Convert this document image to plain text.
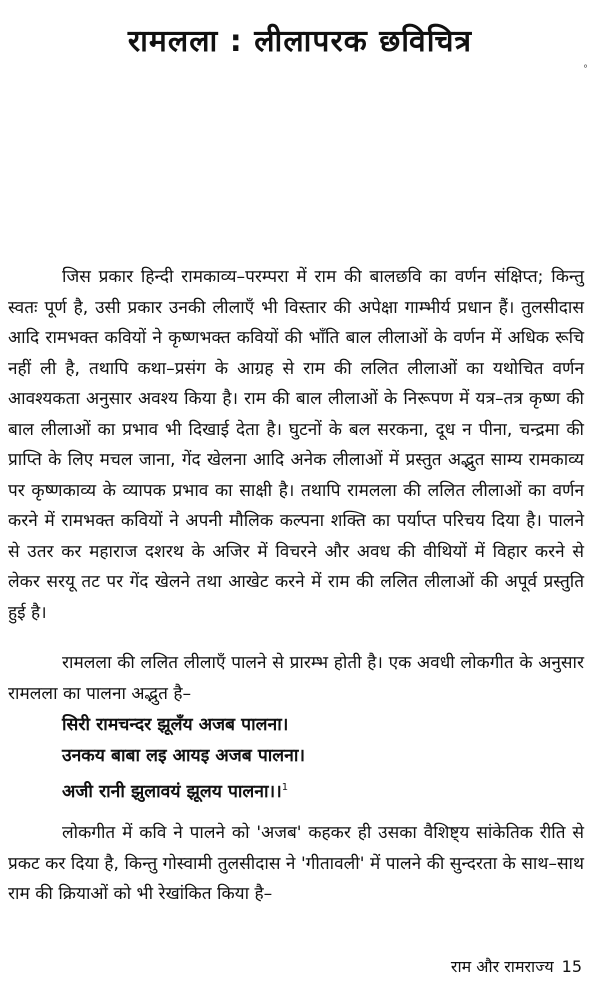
रामलला : लीलापरक छविचित्र
°

जिस प्रकार हिन्दी रामकाव्य–परम्परा में राम की बालछवि का वर्णन संक्षिप्त; किन्तु स्वतः पूर्ण है, उसी प्रकार उनकी लीलाएँ भी विस्तार की अपेक्षा गाम्भीर्य प्रधान हैं। तुलसीदास आदि रामभक्त कवियों ने कृष्णभक्त कवियों की भाँति बाल लीलाओं के वर्णन में अधिक रूचि नहीं ली है, तथापि कथा–प्रसंग के आग्रह से राम की ललित लीलाओं का यथोचित वर्णन आवश्यकता अनुसार अवश्य किया है। राम की बाल लीलाओं के निरूपण में यत्र–तत्र कृष्ण की बाल लीलाओं का प्रभाव भी दिखाई देता है। घुटनों के बल सरकना, दूध न पीना, चन्द्रमा की प्राप्ति के लिए मचल जाना, गेंद खेलना आदि अनेक लीलाओं में प्रस्तुत अद्भुत साम्य रामकाव्य पर कृष्णकाव्य के व्यापक प्रभाव का साक्षी है। तथापि रामलला की ललित लीलाओं का वर्णन करने में रामभक्त कवियों ने अपनी मौलिक कल्पना शक्ति का पर्याप्त परिचय दिया है। पालने से उतर कर महाराज दशरथ के अजिर में विचरने और अवध की वीथियों में विहार करने से लेकर सरयू तट पर गेंद खेलने तथा आखेट करने में राम की ललित लीलाओं की अपूर्व प्रस्तुति हुई है।

रामलला की ललित लीलाएँ पालने से प्रारम्भ होती है। एक अवधी लोकगीत के अनुसार रामलला का पालना अद्भुत है–

सिरी रामचन्दर झूलँय अजब पालना।
उनकय बाबा लइ आयइ अजब पालना।
अजी रानी झुलावयं झूलय पालना।।$^1$

लोकगीत में कवि ने पालने को 'अजब' कहकर ही उसका वैशिष्ट्य सांकेतिक रीति से प्रकट कर दिया है, किन्तु गोस्वामी तुलसीदास ने 'गीतावली' में पालने की सुन्दरता के साथ–साथ राम की क्रियाओं को भी रेखांकित किया है–

राम और रामराज्य 15
